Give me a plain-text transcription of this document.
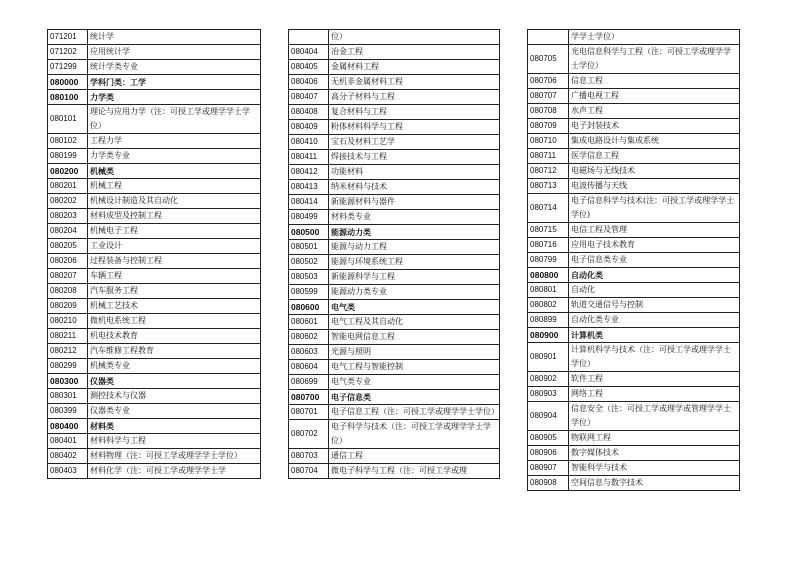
071201	统计学
071202	应用统计学
071299	统计学类专业
080000	学科门类：工学
080100	力学类
080101	理论与应用力学（注：可授工学或理学学士学位）
080102	工程力学
080199	力学类专业
080200	机械类
080201	机械工程
080202	机械设计制造及其自动化
080203	材料成型及控制工程
080204	机械电子工程
080205	工业设计
080206	过程装备与控制工程
080207	车辆工程
080208	汽车服务工程
080209	机械工艺技术
080210	微机电系统工程
080211	机电技术教育
080212	汽车维修工程教育
080299	机械类专业
080300	仪器类
080301	测控技术与仪器
080399	仪器类专业
080400	材料类
080401	材料科学与工程
080402	材料物理（注：可授工学或理学学士学位）
080403	材料化学（注：可授工学或理学学士学
	位）
080404	冶金工程
080405	金属材料工程
080406	无机非金属材料工程
080407	高分子材料与工程
080408	复合材料与工程
080409	粉体材料科学与工程
080410	宝石及材料工艺学
080411	焊接技术与工程
080412	功能材料
080413	纳米材料与技术
080414	新能源材料与器件
080499	材料类专业
080500	能源动力类
080501	能源与动力工程
080502	能源与环境系统工程
080503	新能源科学与工程
080599	能源动力类专业
080600	电气类
080601	电气工程及其自动化
080602	智能电网信息工程
080603	光源与照明
080604	电气工程与智能控制
080699	电气类专业
080700	电子信息类
080701	电子信息工程（注：可授工学或理学学士学位）
080702	电子科学与技术（注：可授工学或理学学士学位）
080703	通信工程
080704	微电子科学与工程（注：可授工学或理
	学学士学位）
080705	光电信息科学与工程（注：可授工学或理学学士学位）
080706	信息工程
080707	广播电视工程
080708	水声工程
080709	电子封装技术
080710	集成电路设计与集成系统
080711	医学信息工程
080712	电磁场与无线技术
080713	电波传播与天线
080714	电子信息科学与技术(注：可授工学或理学学士学位)
080715	电信工程及管理
080716	应用电子技术教育
080799	电子信息类专业
080800	自动化类
080801	自动化
080802	轨道交通信号与控制
080899	自动化类专业
080900	计算机类
080901	计算机科学与技术（注：可授工学或理学学士学位）
080902	软件工程
080903	网络工程
080904	信息安全（注：可授工学或理学或管理学学士学位）
080905	物联网工程
080906	数字媒体技术
080907	智能科学与技术
080908	空间信息与数字技术
